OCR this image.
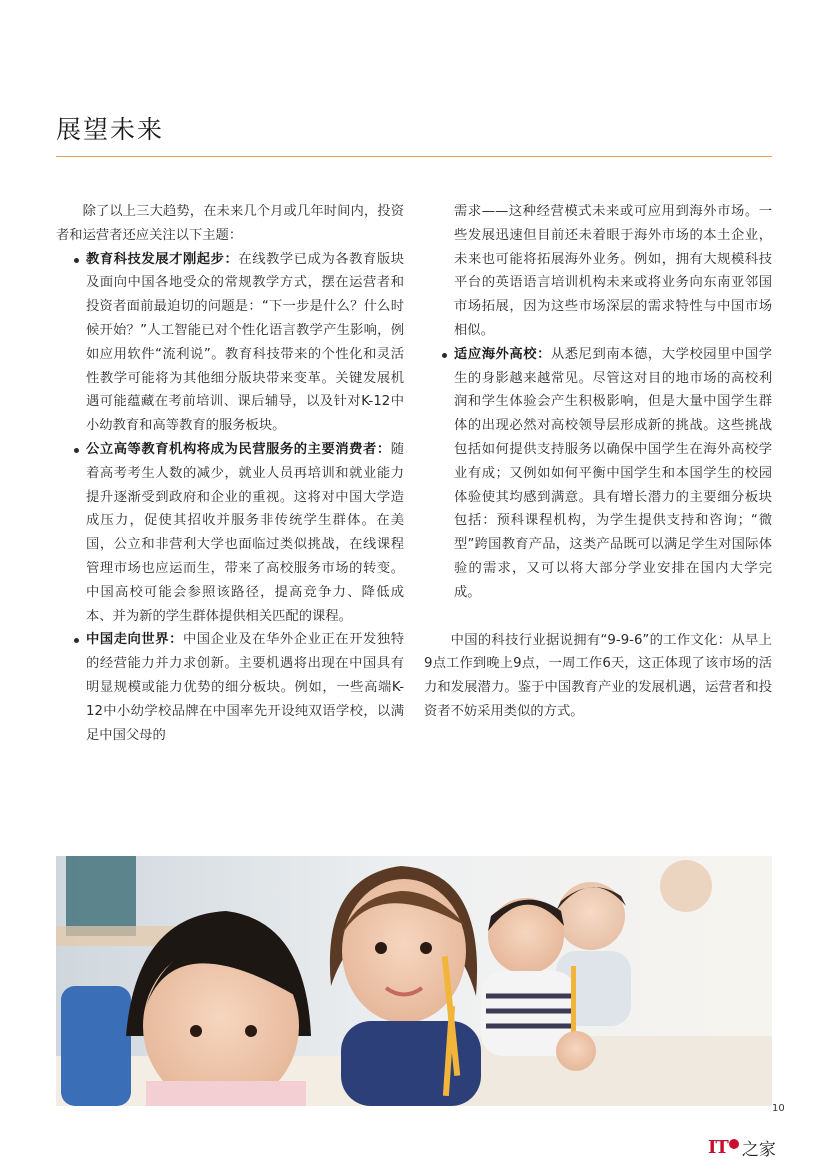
展望未来

除了以上三大趋势，在未来几个月或几年时间内，投资者和运营者还应关注以下主题：

教育科技发展才刚起步：在线教学已成为各教育版块及面向中国各地受众的常规教学方式，摆在运营者和投资者面前最迫切的问题是：“下一步是什么？什么时候开始？”人工智能已对个性化语言教学产生影响，例如应用软件“流利说”。教育科技带来的个性化和灵活性教学可能将为其他细分版块带来变革。关键发展机遇可能蕴藏在考前培训、课后辅导，以及针对K-12中小幼教育和高等教育的服务板块。
公立高等教育机构将成为民营服务的主要消费者：随着高考考生人数的减少，就业人员再培训和就业能力提升逐渐受到政府和企业的重视。这将对中国大学造成压力，促使其招收并服务非传统学生群体。在美国，公立和非营利大学也面临过类似挑战，在线课程管理市场也应运而生，带来了高校服务市场的转变。中国高校可能会参照该路径，提高竞争力、降低成本、并为新的学生群体提供相关匹配的课程。
中国走向世界：中国企业及在华外企业正在开发独特的经营能力并力求创新。主要机遇将出现在中国具有明显规模或能力优势的细分板块。例如，一些高端K-12中小幼学校品牌在中国率先开设纯双语学校，以满足中国父母的

需求——这种经营模式未来或可应用到海外市场。一些发展迅速但目前还未着眼于海外市场的本土企业，未来也可能将拓展海外业务。例如，拥有大规模科技平台的英语语言培训机构未来或将业务向东南亚邻国市场拓展，因为这些市场深层的需求特性与中国市场相似。

适应海外高校：从悉尼到南本德，大学校园里中国学生的身影越来越常见。尽管这对目的地市场的高校利润和学生体验会产生积极影响，但是大量中国学生群体的出现必然对高校领导层形成新的挑战。这些挑战包括如何提供支持服务以确保中国学生在海外高校学业有成；又例如如何平衡中国学生和本国学生的校园体验使其均感到满意。具有增长潜力的主要细分板块包括：预科课程机构，为学生提供支持和咨询；“微型”跨国教育产品，这类产品既可以满足学生对国际体验的需求，又可以将大部分学业安排在国内大学完成。

中国的科技行业据说拥有“9-9-6”的工作文化：从早上9点工作到晚上9点，一周工作6天，这正体现了该市场的活力和发展潜力。鉴于中国教育产业的发展机遇，运营者和投资者不妨采用类似的方式。

10
IT 之家
